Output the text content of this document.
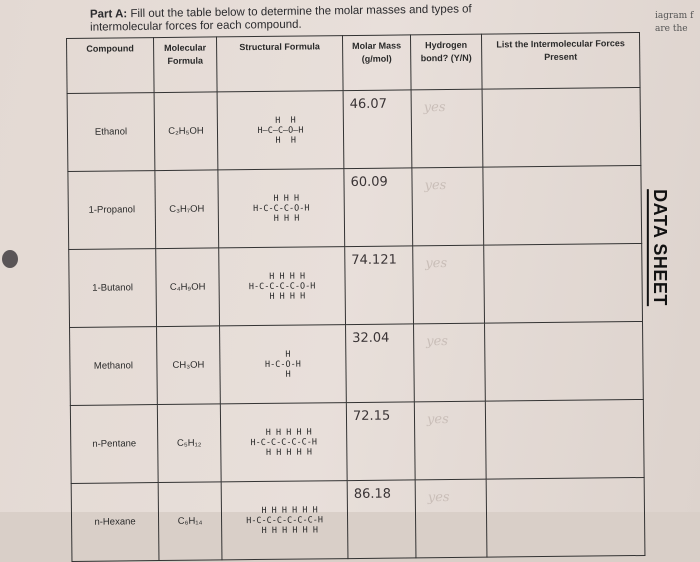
Part A: Fill out the table below to determine the molar masses and types of
intermolecular forces for each compound.
iagram f
are the
DATA SHEET
Compound	Molecular Formula	Structural Formula	Molar Mass (g/mol)	Hydrogen bond? (Y/N)	List the Intermolecular Forces Present
Ethanol	C₂H₅OH	H  H
H—C—C—O—H
H  H	46.07	yes	
1-Propanol	C₃H₇OH	H H H
H-C-C-C-O-H
H H H	60.09	yes	
1-Butanol	C₄H₉OH	H H H H
H-C-C-C-C-O-H
H H H H	74.121	yes	
Methanol	CH₃OH	H
H-C-O-H
H	32.04	yes	
n-Pentane	C₅H₁₂	H H H H H
H-C-C-C-C-C-H
H H H H H	72.15	yes	
n-Hexane	C₆H₁₄	H H H H H H
H-C-C-C-C-C-C-H
H H H H H H	86.18	yes	
